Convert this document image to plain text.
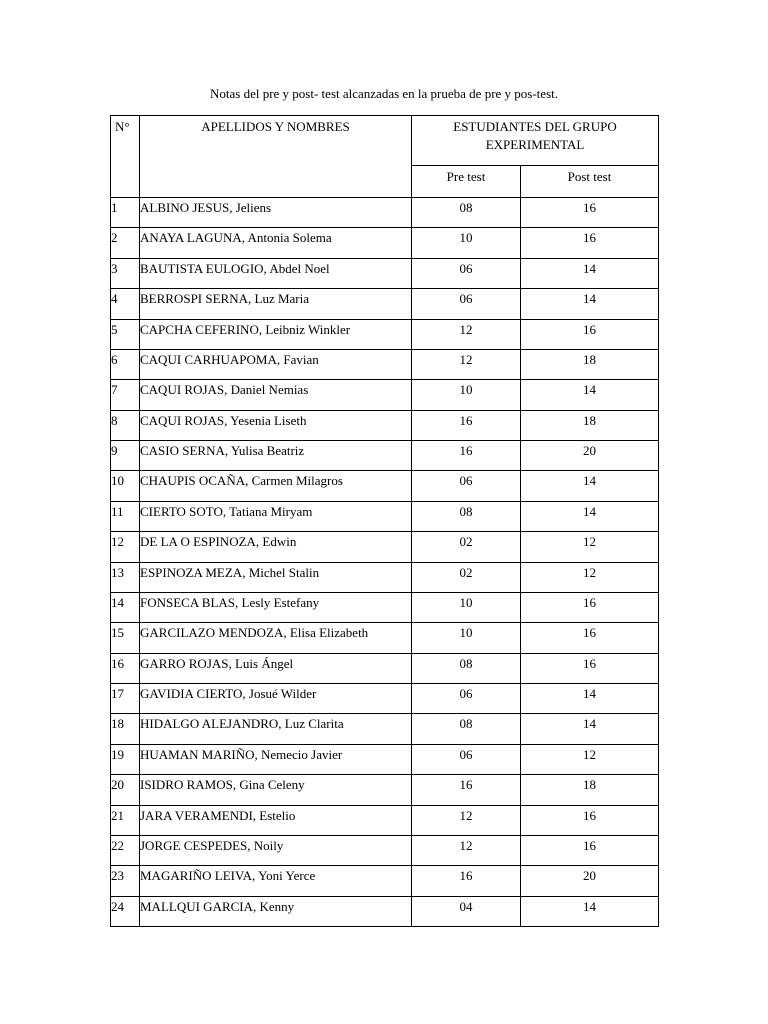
Notas del pre y post- test alcanzadas en la prueba de pre y pos-test.
N°	APELLIDOS Y NOMBRES	ESTUDIANTES DEL GRUPO EXPERIMENTAL	
		Pre test	Post test
1	ALBINO JESUS, Jeliens	08	16
2	ANAYA LAGUNA, Antonia Solema	10	16
3	BAUTISTA EULOGIO, Abdel Noel	06	14
4	BERROSPI SERNA, Luz Maria	06	14
5	CAPCHA CEFERINO, Leibniz Winkler	12	16
6	CAQUI CARHUAPOMA, Favian	12	18
7	CAQUI ROJAS, Daniel Nemias	10	14
8	CAQUI ROJAS, Yesenia Liseth	16	18
9	CASIO SERNA, Yulisa Beatriz	16	20
10	CHAUPIS OCAÑA, Carmen Milagros	06	14
11	CIERTO SOTO, Tatiana Miryam	08	14
12	DE LA O ESPINOZA, Edwin	02	12
13	ESPINOZA MEZA, Michel Stalin	02	12
14	FONSECA BLAS, Lesly Estefany	10	16
15	GARCILAZO MENDOZA, Elisa Elizabeth	10	16
16	GARRO ROJAS, Luis Ángel	08	16
17	GAVIDIA CIERTO, Josué Wilder	06	14
18	HIDALGO ALEJANDRO, Luz Clarita	08	14
19	HUAMAN MARIÑO, Nemecio Javier	06	12
20	ISIDRO RAMOS, Gina Celeny	16	18
21	JARA VERAMENDI, Estelio	12	16
22	JORGE CESPEDES, Noily	12	16
23	MAGARIÑO LEIVA, Yoni Yerce	16	20
24	MALLQUI GARCIA, Kenny	04	14
